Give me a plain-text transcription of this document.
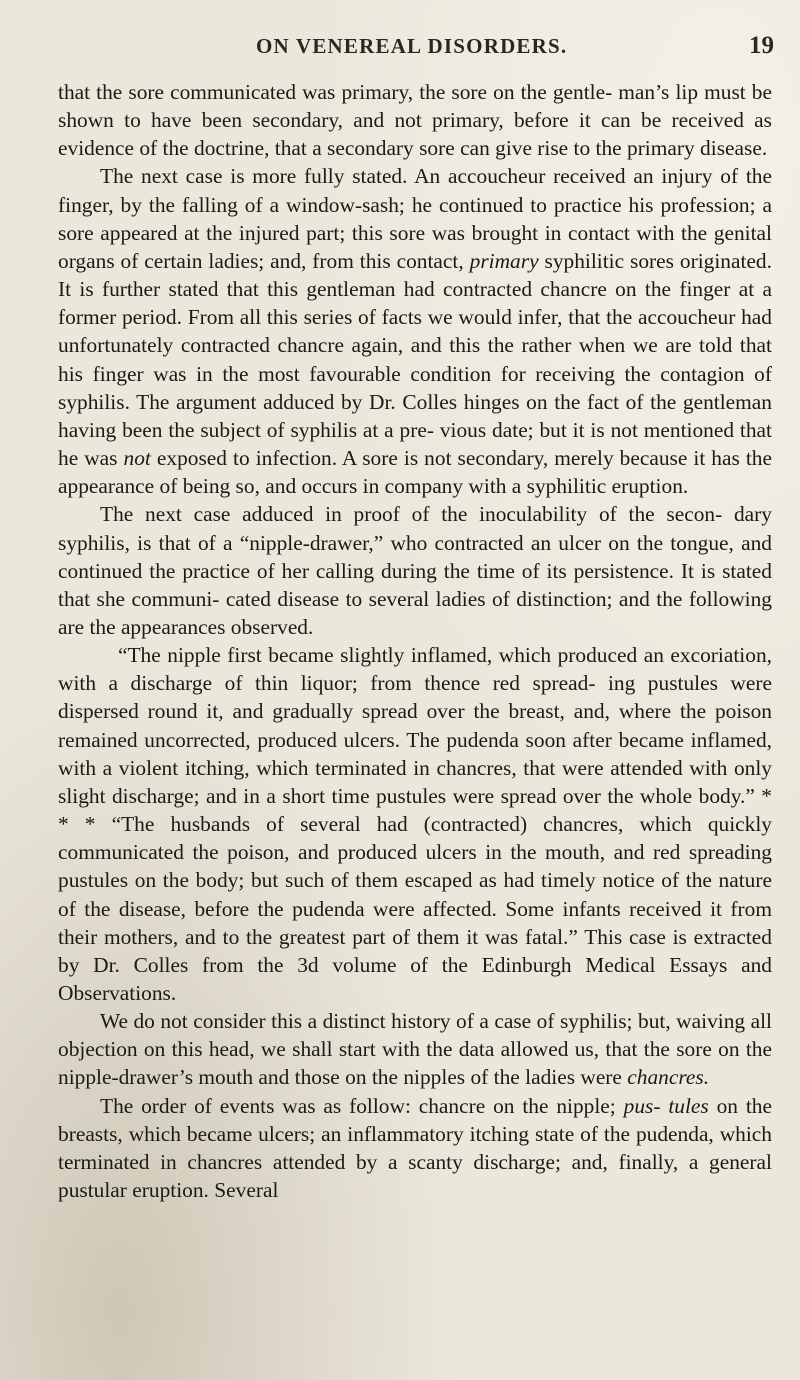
ON VENEREAL DISORDERS.	19

that the sore communicated was primary, the sore on the gentle- man’s lip must be shown to have been secondary, and not primary, before it can be received as evidence of the doctrine, that a secondary sore can give rise to the primary disease.

The next case is more fully stated. An accoucheur received an injury of the finger, by the falling of a window-sash; he continued to practice his profession; a sore appeared at the injured part; this sore was brought in contact with the genital organs of certain ladies; and, from this contact, primary syphilitic sores originated. It is further stated that this gentleman had contracted chancre on the finger at a former period. From all this series of facts we would infer, that the accoucheur had unfortunately contracted chancre again, and this the rather when we are told that his finger was in the most favourable condition for receiving the contagion of syphilis. The argument adduced by Dr. Colles hinges on the fact of the gentleman having been the subject of syphilis at a pre- vious date; but it is not mentioned that he was not exposed to infection. A sore is not secondary, merely because it has the appearance of being so, and occurs in company with a syphilitic eruption.

The next case adduced in proof of the inoculability of the secon- dary syphilis, is that of a “nipple-drawer,” who contracted an ulcer on the tongue, and continued the practice of her calling during the time of its persistence. It is stated that she communi- cated disease to several ladies of distinction; and the following are the appearances observed.

“The nipple first became slightly inflamed, which produced an excoriation, with a discharge of thin liquor; from thence red spread- ing pustules were dispersed round it, and gradually spread over the breast, and, where the poison remained uncorrected, produced ulcers. The pudenda soon after became inflamed, with a violent itching, which terminated in chancres, that were attended with only slight discharge; and in a short time pustules were spread over the whole body.” * * * “The husbands of several had (contracted) chancres, which quickly communicated the poison, and produced ulcers in the mouth, and red spreading pustules on the body; but such of them escaped as had timely notice of the nature of the disease, before the pudenda were affected. Some infants received it from their mothers, and to the greatest part of them it was fatal.” This case is extracted by Dr. Colles from the 3d volume of the Edinburgh Medical Essays and Observations.

We do not consider this a distinct history of a case of syphilis; but, waiving all objection on this head, we shall start with the data allowed us, that the sore on the nipple-drawer’s mouth and those on the nipples of the ladies were chancres.

The order of events was as follow: chancre on the nipple; pus- tules on the breasts, which became ulcers; an inflammatory itching state of the pudenda, which terminated in chancres attended by a scanty discharge; and, finally, a general pustular eruption. Several
